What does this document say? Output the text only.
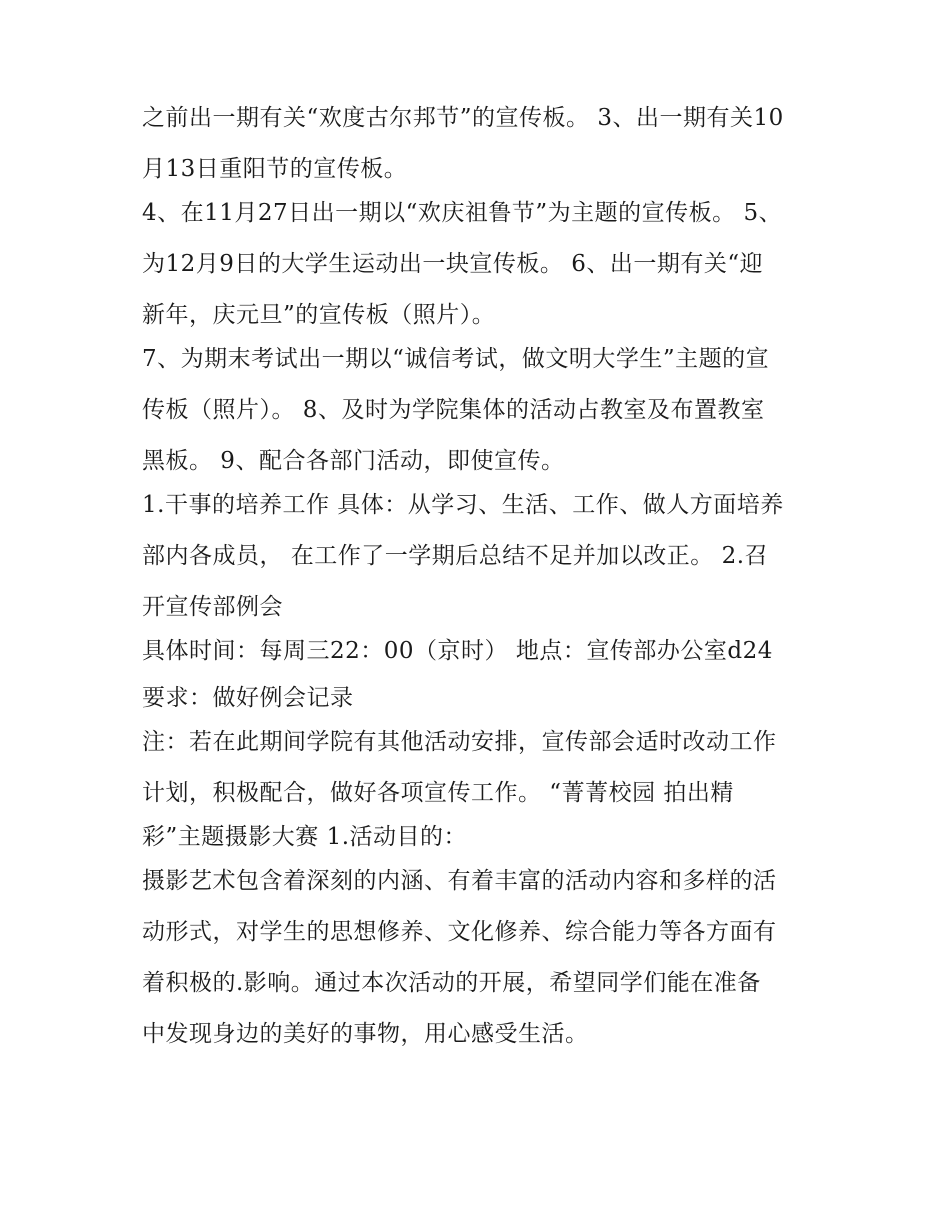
之前出一期有关“欢度古尔邦节”的宣传板。 3、出一期有关10
月13日重阳节的宣传板。
4、在11月27日出一期以“欢庆祖鲁节”为主题的宣传板。 5、
为12月9日的大学生运动出一块宣传板。 6、出一期有关“迎
新年，庆元旦”的宣传板（照片）。
7、为期末考试出一期以“诚信考试，做文明大学生”主题的宣
传板（照片）。 8、及时为学院集体的活动占教室及布置教室
黑板。 9、配合各部门活动，即使宣传。
1.干事的培养工作 具体：从学习、生活、工作、做人方面培养
部内各成员， 在工作了一学期后总结不足并加以改正。 2.召
开宣传部例会
具体时间：每周三22：00（京时） 地点：宣传部办公室d24
要求：做好例会记录
注：若在此期间学院有其他活动安排，宣传部会适时改动工作
计划，积极配合，做好各项宣传工作。 “菁菁校园 拍出精
彩”主题摄影大赛 1.活动目的：
摄影艺术包含着深刻的内涵、有着丰富的活动内容和多样的活
动形式，对学生的思想修养、文化修养、综合能力等各方面有
着积极的.影响。通过本次活动的开展，希望同学们能在准备
中发现身边的美好的事物，用心感受生活。
